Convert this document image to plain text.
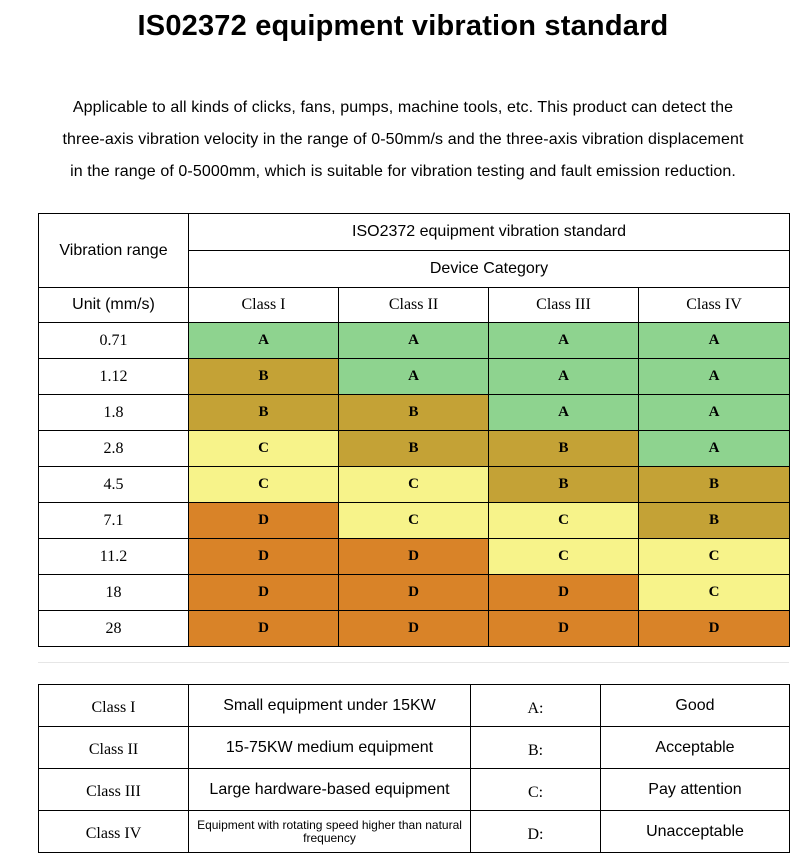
IS02372 equipment vibration standard
Applicable to all kinds of clicks, fans, pumps, machine tools, etc. This product can detect the
three-axis vibration velocity in the range of 0-50mm/s and the three-axis vibration displacement
in the range of 0-5000mm, which is suitable for vibration testing and fault emission reduction.
Vibration range	ISO2372 equipment vibration standard			
	Device Category			
Unit (mm/s)	Class I	Class II	Class III	Class IV
0.71	A	A	A	A
1.12	B	A	A	A
1.8	B	B	A	A
2.8	C	B	B	A
4.5	C	C	B	B
7.1	D	C	C	B
11.2	D	D	C	C
18	D	D	D	C
28	D	D	D	D
Class I	Small equipment under 15KW	A:	Good
Class II	15-75KW medium equipment	B:	Acceptable
Class III	Large hardware-based equipment	C:	Pay attention
Class IV	Equipment with rotating speed higher than natural frequency	D:	Unacceptable
